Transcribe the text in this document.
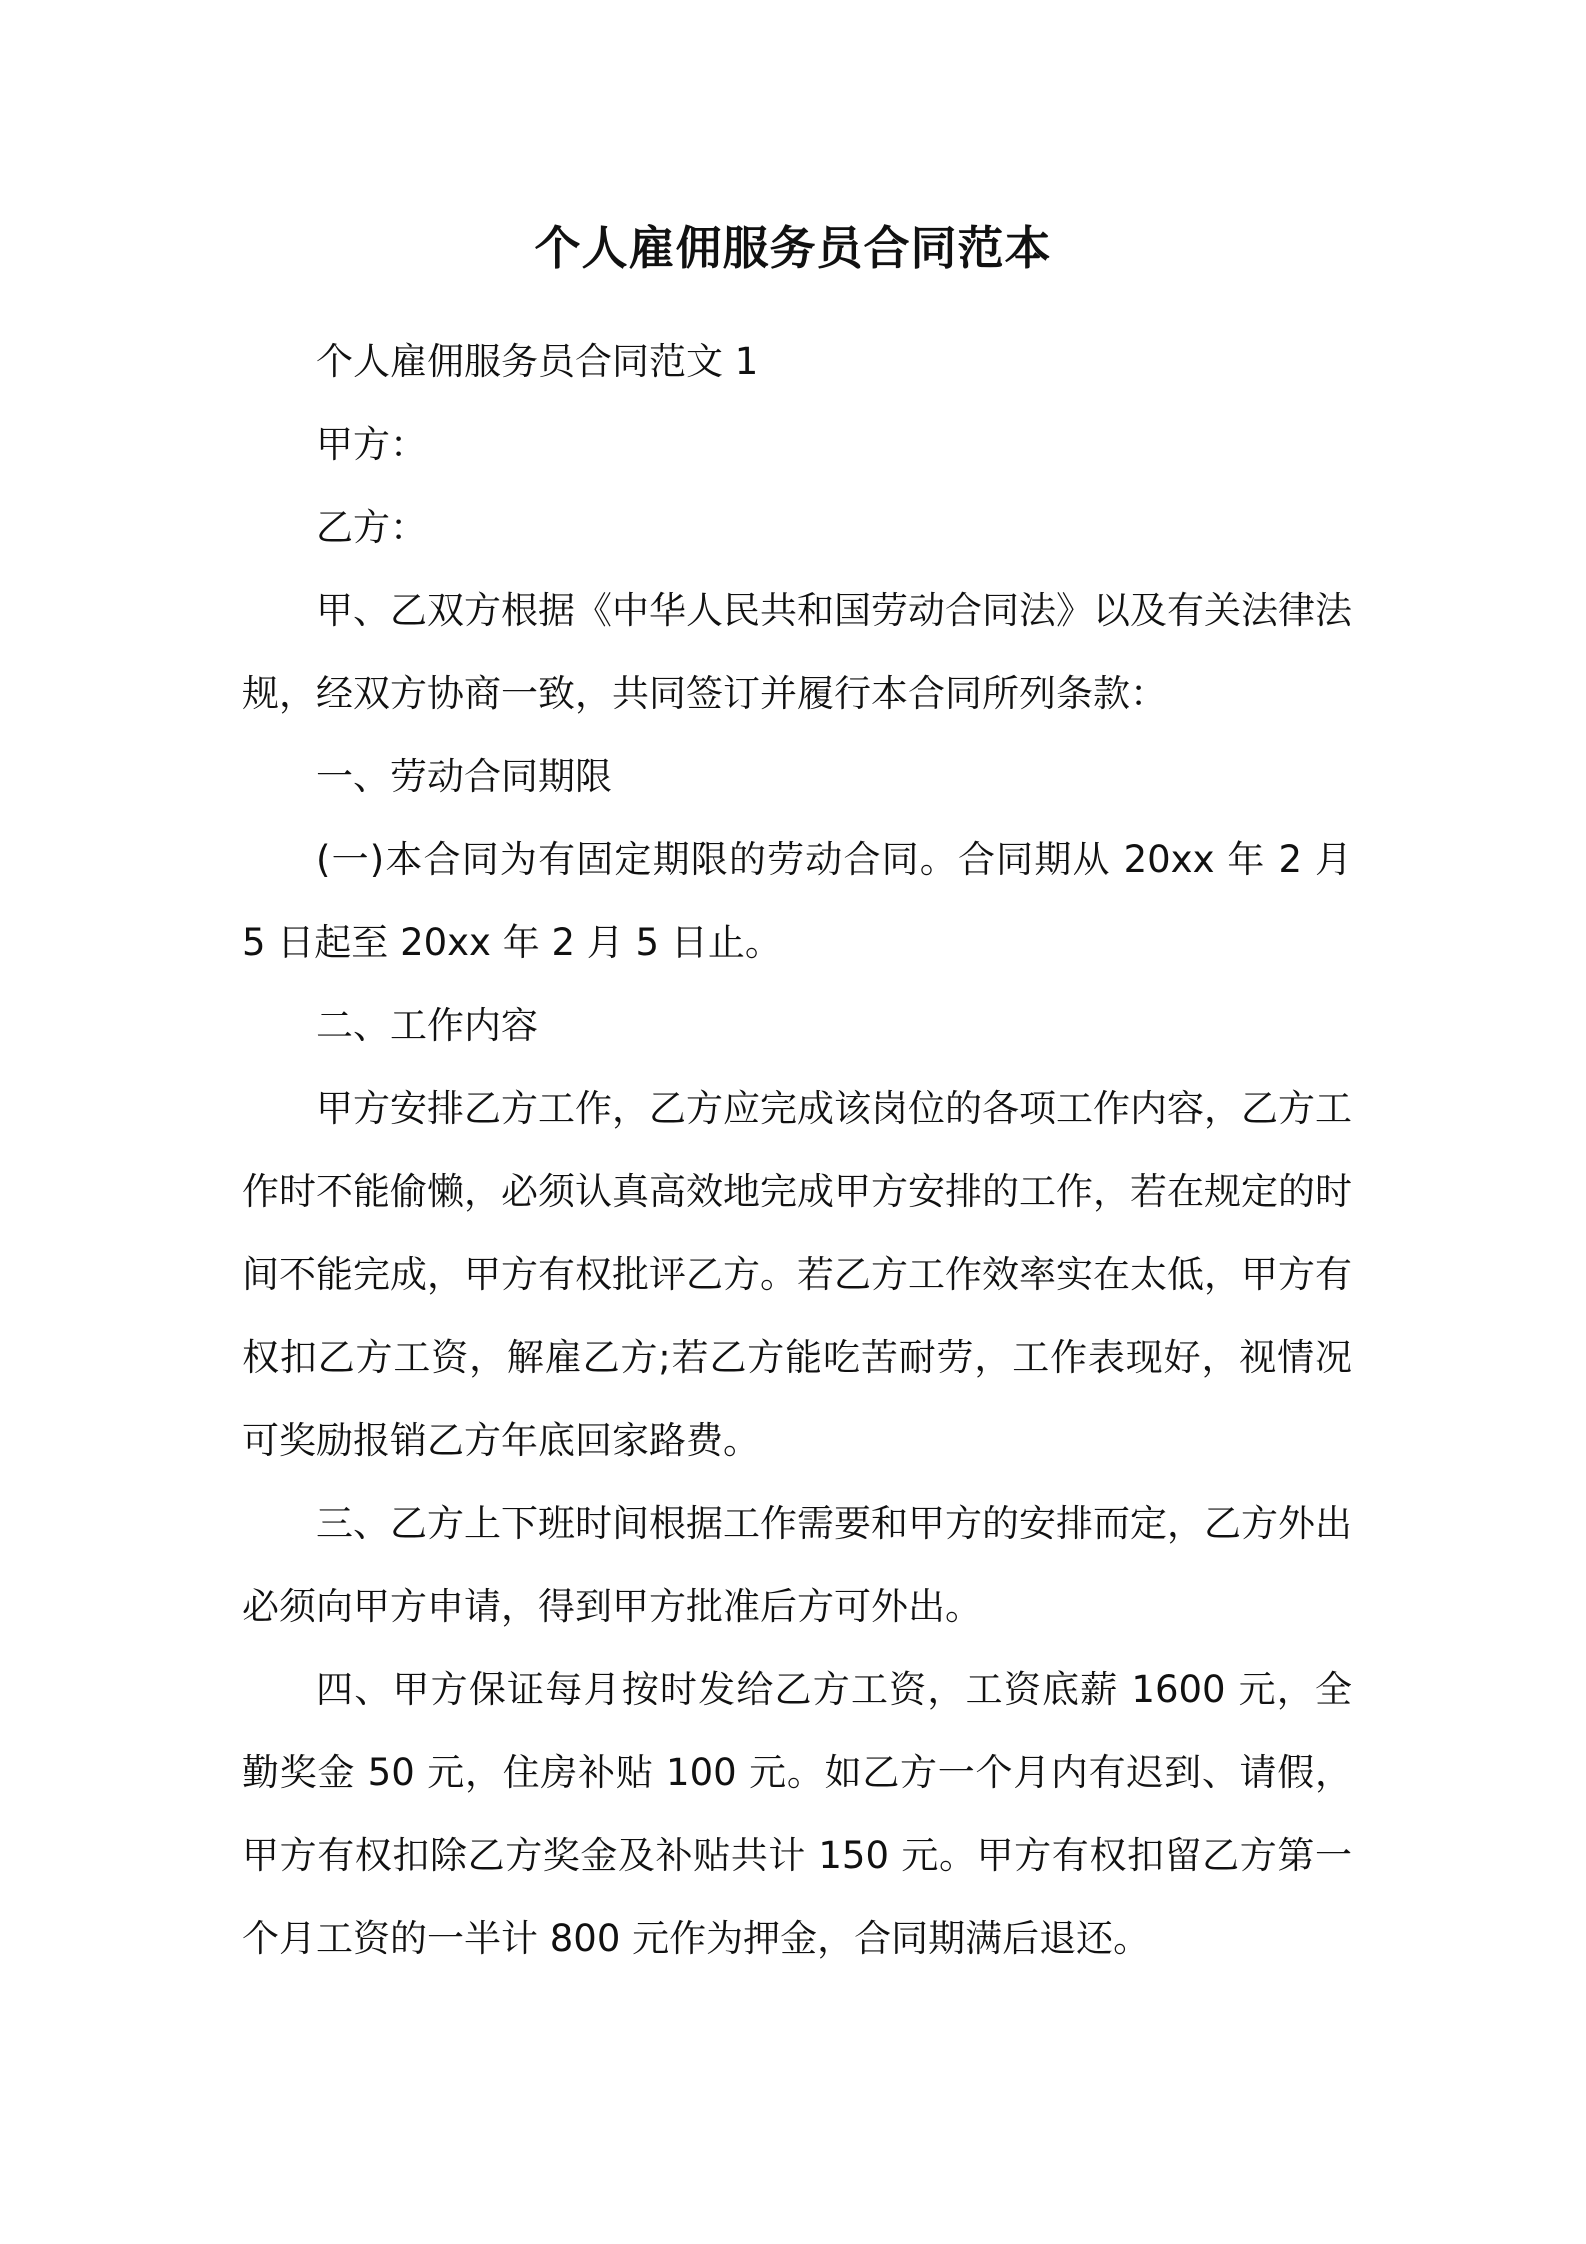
个人雇佣服务员合同范本

个人雇佣服务员合同范文 1

甲方：

乙方：

甲、乙双方根据《中华人民共和国劳动合同法》以及有关法律法规，经双方协商一致，共同签订并履行本合同所列条款：

一、劳动合同期限

(一)本合同为有固定期限的劳动合同。合同期从 20xx 年 2 月 5 日起至 20xx 年 2 月 5 日止。

二、工作内容

甲方安排乙方工作，乙方应完成该岗位的各项工作内容，乙方工作时不能偷懒，必须认真高效地完成甲方安排的工作，若在规定的时间不能完成，甲方有权批评乙方。若乙方工作效率实在太低，甲方有权扣乙方工资，解雇乙方;若乙方能吃苦耐劳，工作表现好，视情况可奖励报销乙方年底回家路费。

三、乙方上下班时间根据工作需要和甲方的安排而定，乙方外出必须向甲方申请，得到甲方批准后方可外出。

四、甲方保证每月按时发给乙方工资，工资底薪 1600 元，全勤奖金 50 元，住房补贴 100 元。如乙方一个月内有迟到、请假，甲方有权扣除乙方奖金及补贴共计 150 元。甲方有权扣留乙方第一个月工资的一半计 800 元作为押金，合同期满后退还。
